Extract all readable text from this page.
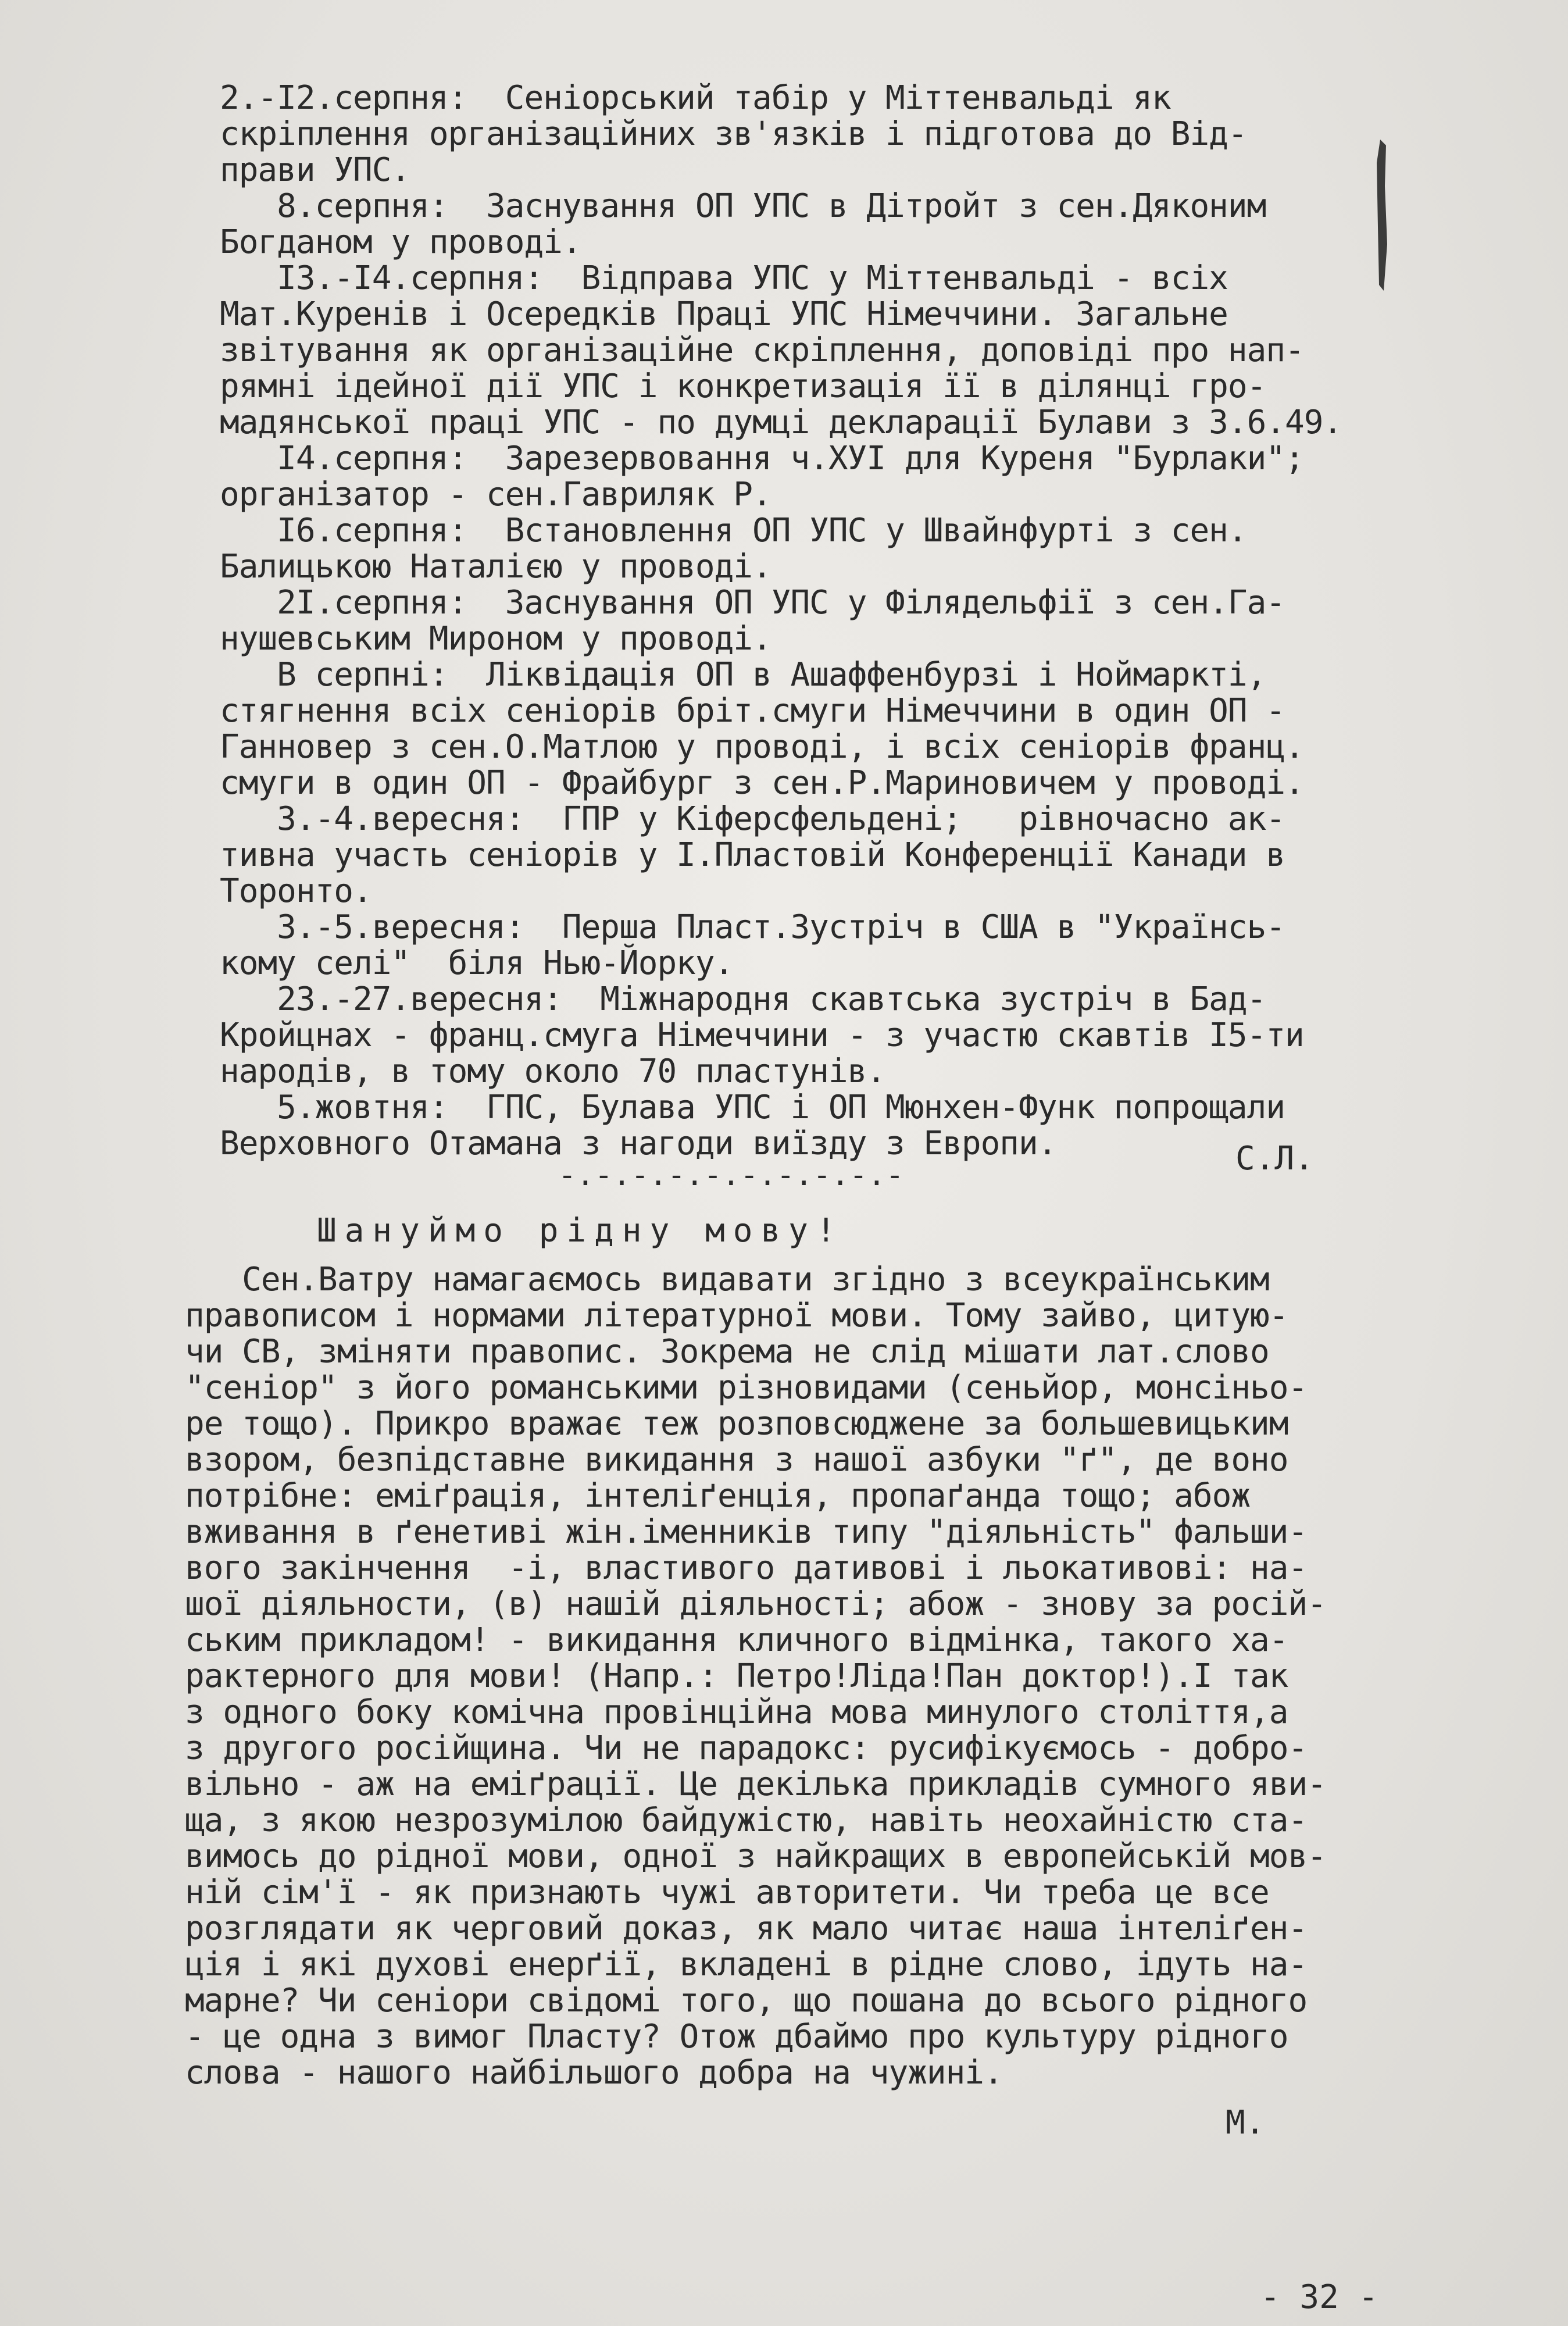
2.-I2.серпня:  Сеніорський табір у Міттенвальді як
скріплення організаційних зв'язків і підготова до Від-
прави УПС.
8.серпня:  Заснування ОП УПС в Дітройт з сен.Дяконим
Богданом у проводі.
I3.-I4.серпня:  Відправа УПС у Міттенвальді - всіх
Мат.Куренів і Осередків Праці УПС Німеччини. Загальне
звітування як організаційне скріплення, доповіді про нап-
рямні ідейної дії УПС і конкретизація її в ділянці гро-
мадянської праці УПС - по думці декларації Булави з 3.6.49.
I4.серпня:  Зарезервовання ч.ХУI для Куреня "Бурлаки";
організатор - сен.Гавриляк Р.
I6.серпня:  Встановлення ОП УПС у Швайнфурті з сен.
Балицькою Наталією у проводі.
2I.серпня:  Заснування ОП УПС у Філядельфії з сен.Га-
нушевським Мироном у проводі.
В серпні:  Ліквідація ОП в Ашаффенбурзі і Ноймаркті,
стягнення всіх сеніорів бріт.смуги Німеччини в один ОП -
Ганновер з сен.О.Матлою у проводі, і всіх сеніорів франц.
смуги в один ОП - Фрайбург з сен.Р.Мариновичем у проводі.
3.-4.вересня:  ГПР у Кіферсфельдені;   рівночасно ак-
тивна участь сеніорів у I.Пластовій Конференції Канади в
Торонто.
3.-5.вересня:  Перша Пласт.Зустріч в США в "Українсь-
кому селі"  біля Нью-Йорку.
23.-27.вересня:  Міжнародня скавтська зустріч в Бад-
Кройцнах - франц.смуга Німеччини - з участю скавтів I5-ти
народів, в тому около 70 пластунів.
5.жовтня:  ГПС, Булава УПС і ОП Мюнхен-Функ попрощали
Верховного Отамана з нагоди виїзду з Европи.	С.Л.
-.-.-.-.-.-.-.-.-.-
Шануймо рідну мову!
Сен.Ватру намагаємось видавати згідно з всеукраїнським
правописом і нормами літературної мови. Тому зайво, цитую-
чи СВ, зміняти правопис. Зокрема не слід мішати лат.слово
"сеніор" з його романськими різновидами (сеньйор, монсіньо-
ре тощо). Прикро вражає теж розповсюджене за большевицьким
взором, безпідставне викидання з нашої азбуки "ґ", де воно
потрібне: еміґрація, інтеліґенція, пропаґанда тощо; абож
вживання в ґенетиві жін.іменників типу "діяльність" фальши-
вого закінчення  -і, властивого дативові і льокативові: на-
шої діяльности, (в) нашій діяльності; абож - знову за росій-
ським прикладом! - викидання кличного відмінка, такого ха-
рактерного для мови! (Напр.: Петро!Ліда!Пан доктор!).І так
з одного боку комічна провінційна мова минулого століття,а
з другого російщина. Чи не парадокс: русифікуємось - добро-
вільно - аж на еміґрації. Це декілька прикладів сумного яви-
ща, з якою незрозумілою байдужістю, навіть неохайністю ста-
вимось до рідної мови, одної з найкращих в европейській мов-
ній сім'ї - як признають чужі авторитети. Чи треба це все
розглядати як черговий доказ, як мало читає наша інтеліґен-
ція і які духові енерґії, вкладені в рідне слово, ідуть на-
марне? Чи сеніори свідомі того, що пошана до всього рідного
- це одна з вимог Пласту? Отож дбаймо про культуру рідного
слова - нашого найбільшого добра на чужині.
М.
- 32 -
